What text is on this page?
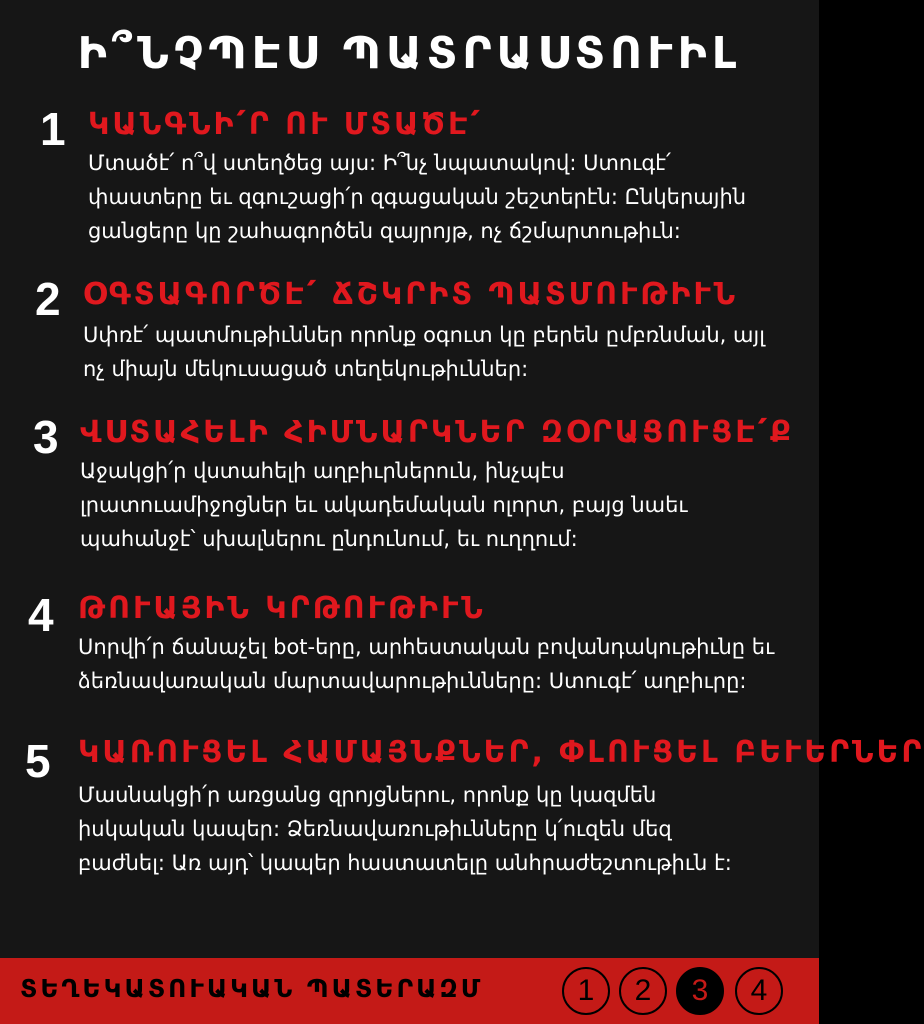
Ի՞ՆՉՊԷՍ ՊԱՏՐԱՍՏՈՒԻԼ
1 ԿԱՆԳՆԻ՛Ր ՈՒ ՄՏԱԾԷ՛
Մտածէ՛ ո՞վ ստեղծեց այս: Ի՞նչ նպատակով: Ստուգէ՛ փաստերը եւ զգուշացի՛ր զգացական շեշտերէն: Ընկերային ցանցերը կը շահագործեն զայրոյթ, ոչ ճշմարտութիւն:
2 ՕԳՏԱԳՈՐԾԷ՛ ՃՇԿՐԻՏ ՊԱՏՄՈՒԹԻՒՆ
Սփռէ՛ պատմութիւններ որոնք օգուտ կը բերեն ըմբռնման, այլ ոչ միայն մեկուսացած տեղեկութիւններ:
3 ՎՍՏԱՀԵԼԻ ՀԻՄՆԱՐԿՆԵՐ ԶՕՐԱՑՈՒՑԷ՛Ք
Աջակցի՛ր վստահելի աղբիւրներուն, ինչպէս լրատուամիջոցներ եւ ակադեմական ոլորտ, բայց նաեւ պահանջէ՝ սխալներու ընդունում, եւ ուղղում:
4 ԹՈՒԱՅԻՆ ԿՐԹՈՒԹԻՒՆ
Սորվի՛ր ճանաչել bot-երը, արհեստական բովանդակութիւնը եւ ձեռնավառական մարտավարութիւնները: Ստուգէ՛ աղբիւրը:
5 ԿԱՌՈՒՑԵԼ ՀԱՄԱՅՆՔՆԵՐ, ՓԼՈՒՑԵԼ ԲԵՒԵՐՆԵՐ
Մասնակցի՛ր առցանց զրոյցներու, որոնք կը կազմեն իսկական կապեր: Ձեռնավառութիւնները կ՛ուզեն մեզ բաժնել: Առ այդ՝ կապեր հաստատելը անհրաժեշտութիւն է:
ՏԵՂԵԿԱՏՈՒԱԿԱՆ ՊԱՏԵՐԱԶՄ	1	2	3	4
